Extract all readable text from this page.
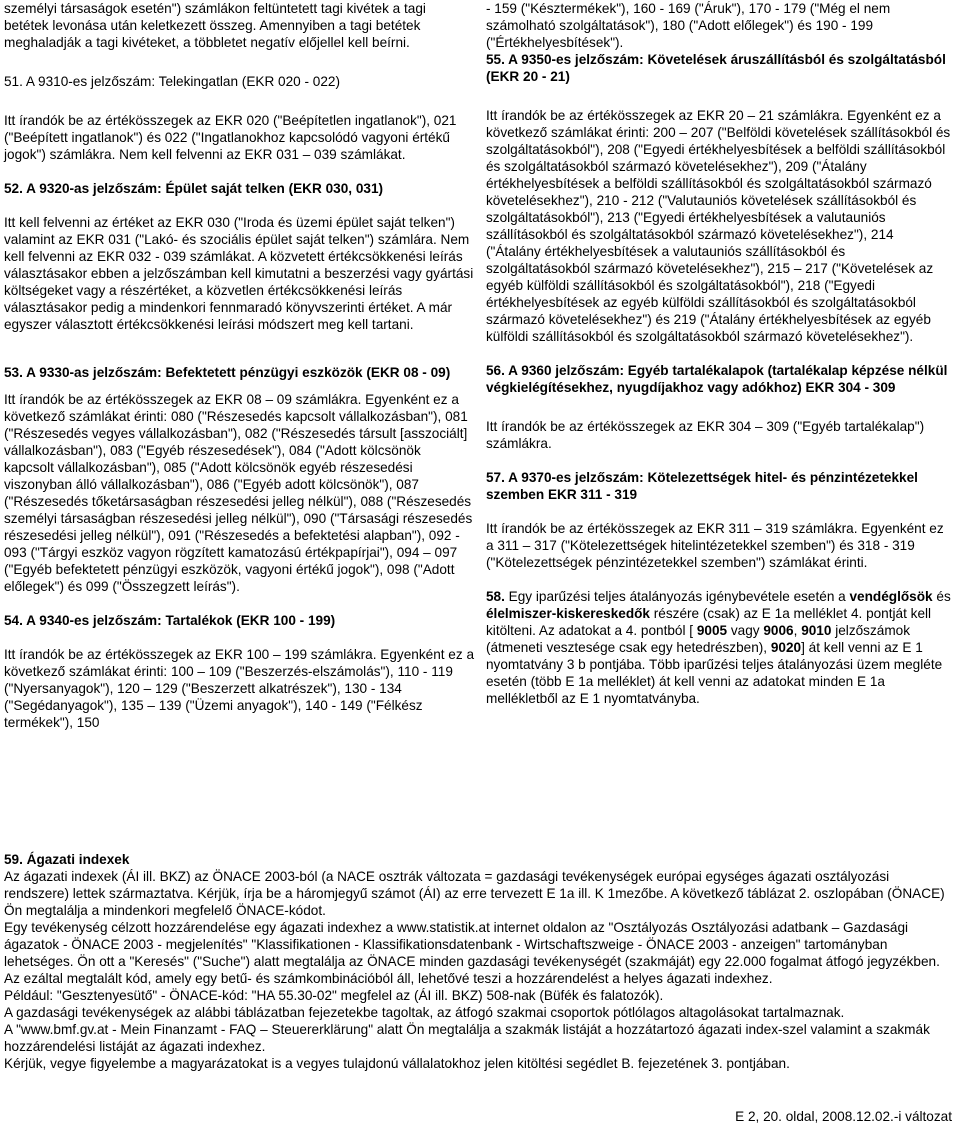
személyi társaságok esetén") számlákon feltüntetett tagi kivétek a tagi betétek levonása után keletkezett összeg. Amennyiben a tagi betétek meghaladják a tagi kivéteket, a többletet negatív előjellel kell beírni.

51. A 9310-es jelzőszám: Telekingatlan (EKR 020 - 022)

Itt írandók be az értékösszegek az EKR 020 ("Beépítetlen ingatlanok"), 021 ("Beépített ingatlanok") és 022 ("Ingatlanokhoz kapcsolódó vagyoni értékű jogok") számlákra. Nem kell felvenni az EKR 031 – 039 számlákat.

52. A 9320-as jelzőszám: Épület saját telken (EKR 030, 031)

Itt kell felvenni az értéket az EKR 030 ("Iroda és üzemi épület saját telken") valamint az EKR 031 ("Lakó- és szociális épület saját telken") számlára. Nem kell felvenni az EKR 032 - 039 számlákat. A közvetett értékcsökkenési leírás választásakor ebben a jelzőszámban kell kimutatni a beszerzési vagy gyártási költségeket vagy a részértéket, a közvetlen értékcsökkenési leírás választásakor pedig a mindenkori fennmaradó könyvszerinti értéket. A már egyszer választott értékcsökkenési leírási módszert meg kell tartani.

53. A 9330-as jelzőszám: Befektetett pénzügyi eszközök (EKR 08 - 09)

Itt írandók be az értékösszegek az EKR 08 – 09 számlákra. Egyenként ez a következő számlákat érinti: 080 ("Részesedés kapcsolt vállalkozásban"), 081 ("Részesedés vegyes vállalkozásban"), 082 ("Részesedés társult [asszociált] vállalkozásban"), 083 ("Egyéb részesedések"), 084 ("Adott kölcsönök kapcsolt vállalkozásban"), 085 ("Adott kölcsönök egyéb részesedési viszonyban álló vállalkozásban"), 086 ("Egyéb adott kölcsönök"), 087 ("Részesedés tőketársaságban részesedési jelleg nélkül"), 088 ("Részesedés személyi társaságban részesedési jelleg nélkül"), 090 ("Társasági részesedés részesedési jelleg nélkül"), 091 ("Részesedés a befektetési alapban"), 092 - 093 ("Tárgyi eszköz vagyon rögzített kamatozású értékpapírjai"), 094 – 097 ("Egyéb befektetett pénzügyi eszközök, vagyoni értékű jogok"), 098 ("Adott előlegek") és 099 ("Összegzett leírás").

54. A 9340-es jelzőszám: Tartalékok (EKR 100 - 199)

Itt írandók be az értékösszegek az EKR 100 – 199 számlákra. Egyenként ez a következő számlákat érinti: 100 – 109 ("Beszerzés-elszámolás"), 110 - 119 ("Nyersanyagok"), 120 – 129 ("Beszerzett alkatrészek"), 130 - 134 ("Segédanyagok"), 135 – 139 ("Üzemi anyagok"), 140 - 149 ("Félkész termékek"), 150

- 159 ("Késztermékek"), 160 - 169 ("Áruk"), 170 - 179 ("Még el nem számolható szolgáltatások"), 180 ("Adott előlegek") és 190 - 199 ("Értékhelyesbítések").

55. A 9350-es jelzőszám: Követelések áruszállításból és szolgáltatásból (EKR 20 - 21)

Itt írandók be az értékösszegek az EKR 20 – 21 számlákra. Egyenként ez a következő számlákat érinti: 200 – 207 ("Belföldi követelések szállításokból és szolgáltatásokból"), 208 ("Egyedi értékhelyesbítések a belföldi szállításokból és szolgáltatásokból származó követelésekhez"), 209 ("Átalány értékhelyesbítések a belföldi szállításokból és szolgáltatásokból származó követelésekhez"), 210 - 212 ("Valutauniós követelések szállításokból és szolgáltatásokból"), 213 ("Egyedi értékhelyesbítések a valutauniós szállításokból és szolgáltatásokból származó követelésekhez"), 214 ("Átalány értékhelyesbítések a valutauniós szállításokból és szolgáltatásokból származó követelésekhez"), 215 – 217 ("Követelések az egyéb külföldi szállításokból és szolgáltatásokból"), 218 ("Egyedi értékhelyesbítések az egyéb külföldi szállításokból és szolgáltatásokból származó követelésekhez") és 219 ("Átalány értékhelyesbítések az egyéb külföldi szállításokból és szolgáltatásokból származó követelésekhez").

56. A 9360 jelzőszám: Egyéb tartalékalapok (tartalékalap képzése nélkül végkielégítésekhez, nyugdíjakhoz vagy adókhoz) EKR 304 - 309

Itt írandók be az értékösszegek az EKR 304 – 309 ("Egyéb tartalékalap") számlákra.

57. A 9370-es jelzőszám: Kötelezettségek hitel- és pénzintézetekkel szemben EKR 311 - 319

Itt írandók be az értékösszegek az EKR 311 – 319 számlákra. Egyenként ez a 311 – 317 ("Kötelezettségek hitelintézetekkel szemben") és 318 - 319 ("Kötelezettségek pénzintézetekkel szemben") számlákat érinti.

58. Egy iparűzési teljes átalányozás igénybevétele esetén a vendéglősök és élelmiszer-kiskereskedők részére (csak) az E 1a melléklet 4. pontját kell kitölteni. Az adatokat a 4. pontból [ 9005 vagy 9006, 9010 jelzőszámok (átmeneti vesztesége csak egy hetedrészben), 9020] át kell venni az E 1 nyomtatvány 3 b pontjába. Több iparűzési teljes átalányozási üzem megléte esetén (több E 1a melléklet) át kell venni az adatokat minden E 1a mellékletből az E 1 nyomtatványba.

59. Ágazati indexek

Az ágazati indexek (ÁI ill. BKZ) az ÖNACE 2003-ból (a NACE osztrák változata = gazdasági tevékenységek európai egységes ágazati osztályozási rendszere) lettek származtatva. Kérjük, írja be a háromjegyű számot (ÁI) az erre tervezett E 1a ill. K 1mezőbe. A következő táblázat 2. oszlopában (ÖNACE) Ön megtalálja a mindenkori megfelelő ÖNACE-kódot.

Egy tevékenység célzott hozzárendelése egy ágazati indexhez a www.statistik.at internet oldalon az "Osztályozás Osztályozási adatbank – Gazdasági ágazatok - ÖNACE 2003 - megjelenítés" "Klassifikationen - Klassifikationsdatenbank - Wirtschaftszweige - ÖNACE 2003 - anzeigen" tartományban lehetséges. Ön ott a "Keresés" ("Suche") alatt megtalálja az ÖNACE minden gazdasági tevékenységét (szakmáját) egy 22.000 fogalmat átfogó jegyzékben. Az ezáltal megtalált kód, amely egy betű- és számkombinációból áll, lehetővé teszi a hozzárendelést a helyes ágazati indexhez.

Például: "Gesztenyesütő" - ÖNACE-kód: "HA 55.30-02" megfelel az (ÁI ill. BKZ) 508-nak (Büfék és falatozók).

A gazdasági tevékenységek az alábbi táblázatban fejezetekbe tagoltak, az átfogó szakmai csoportok pótlólagos altagolásokat tartalmaznak.

A "www.bmf.gv.at - Mein Finanzamt - FAQ – Steuererklärung" alatt Ön megtalálja a szakmák listáját a hozzátartozó ágazati index-szel valamint a szakmák hozzárendelési listáját az ágazati indexhez.

Kérjük, vegye figyelembe a magyarázatokat is a vegyes tulajdonú vállalatokhoz jelen kitöltési segédlet B. fejezetének 3. pontjában.

E 2, 20. oldal, 2008.12.02.-i változat
